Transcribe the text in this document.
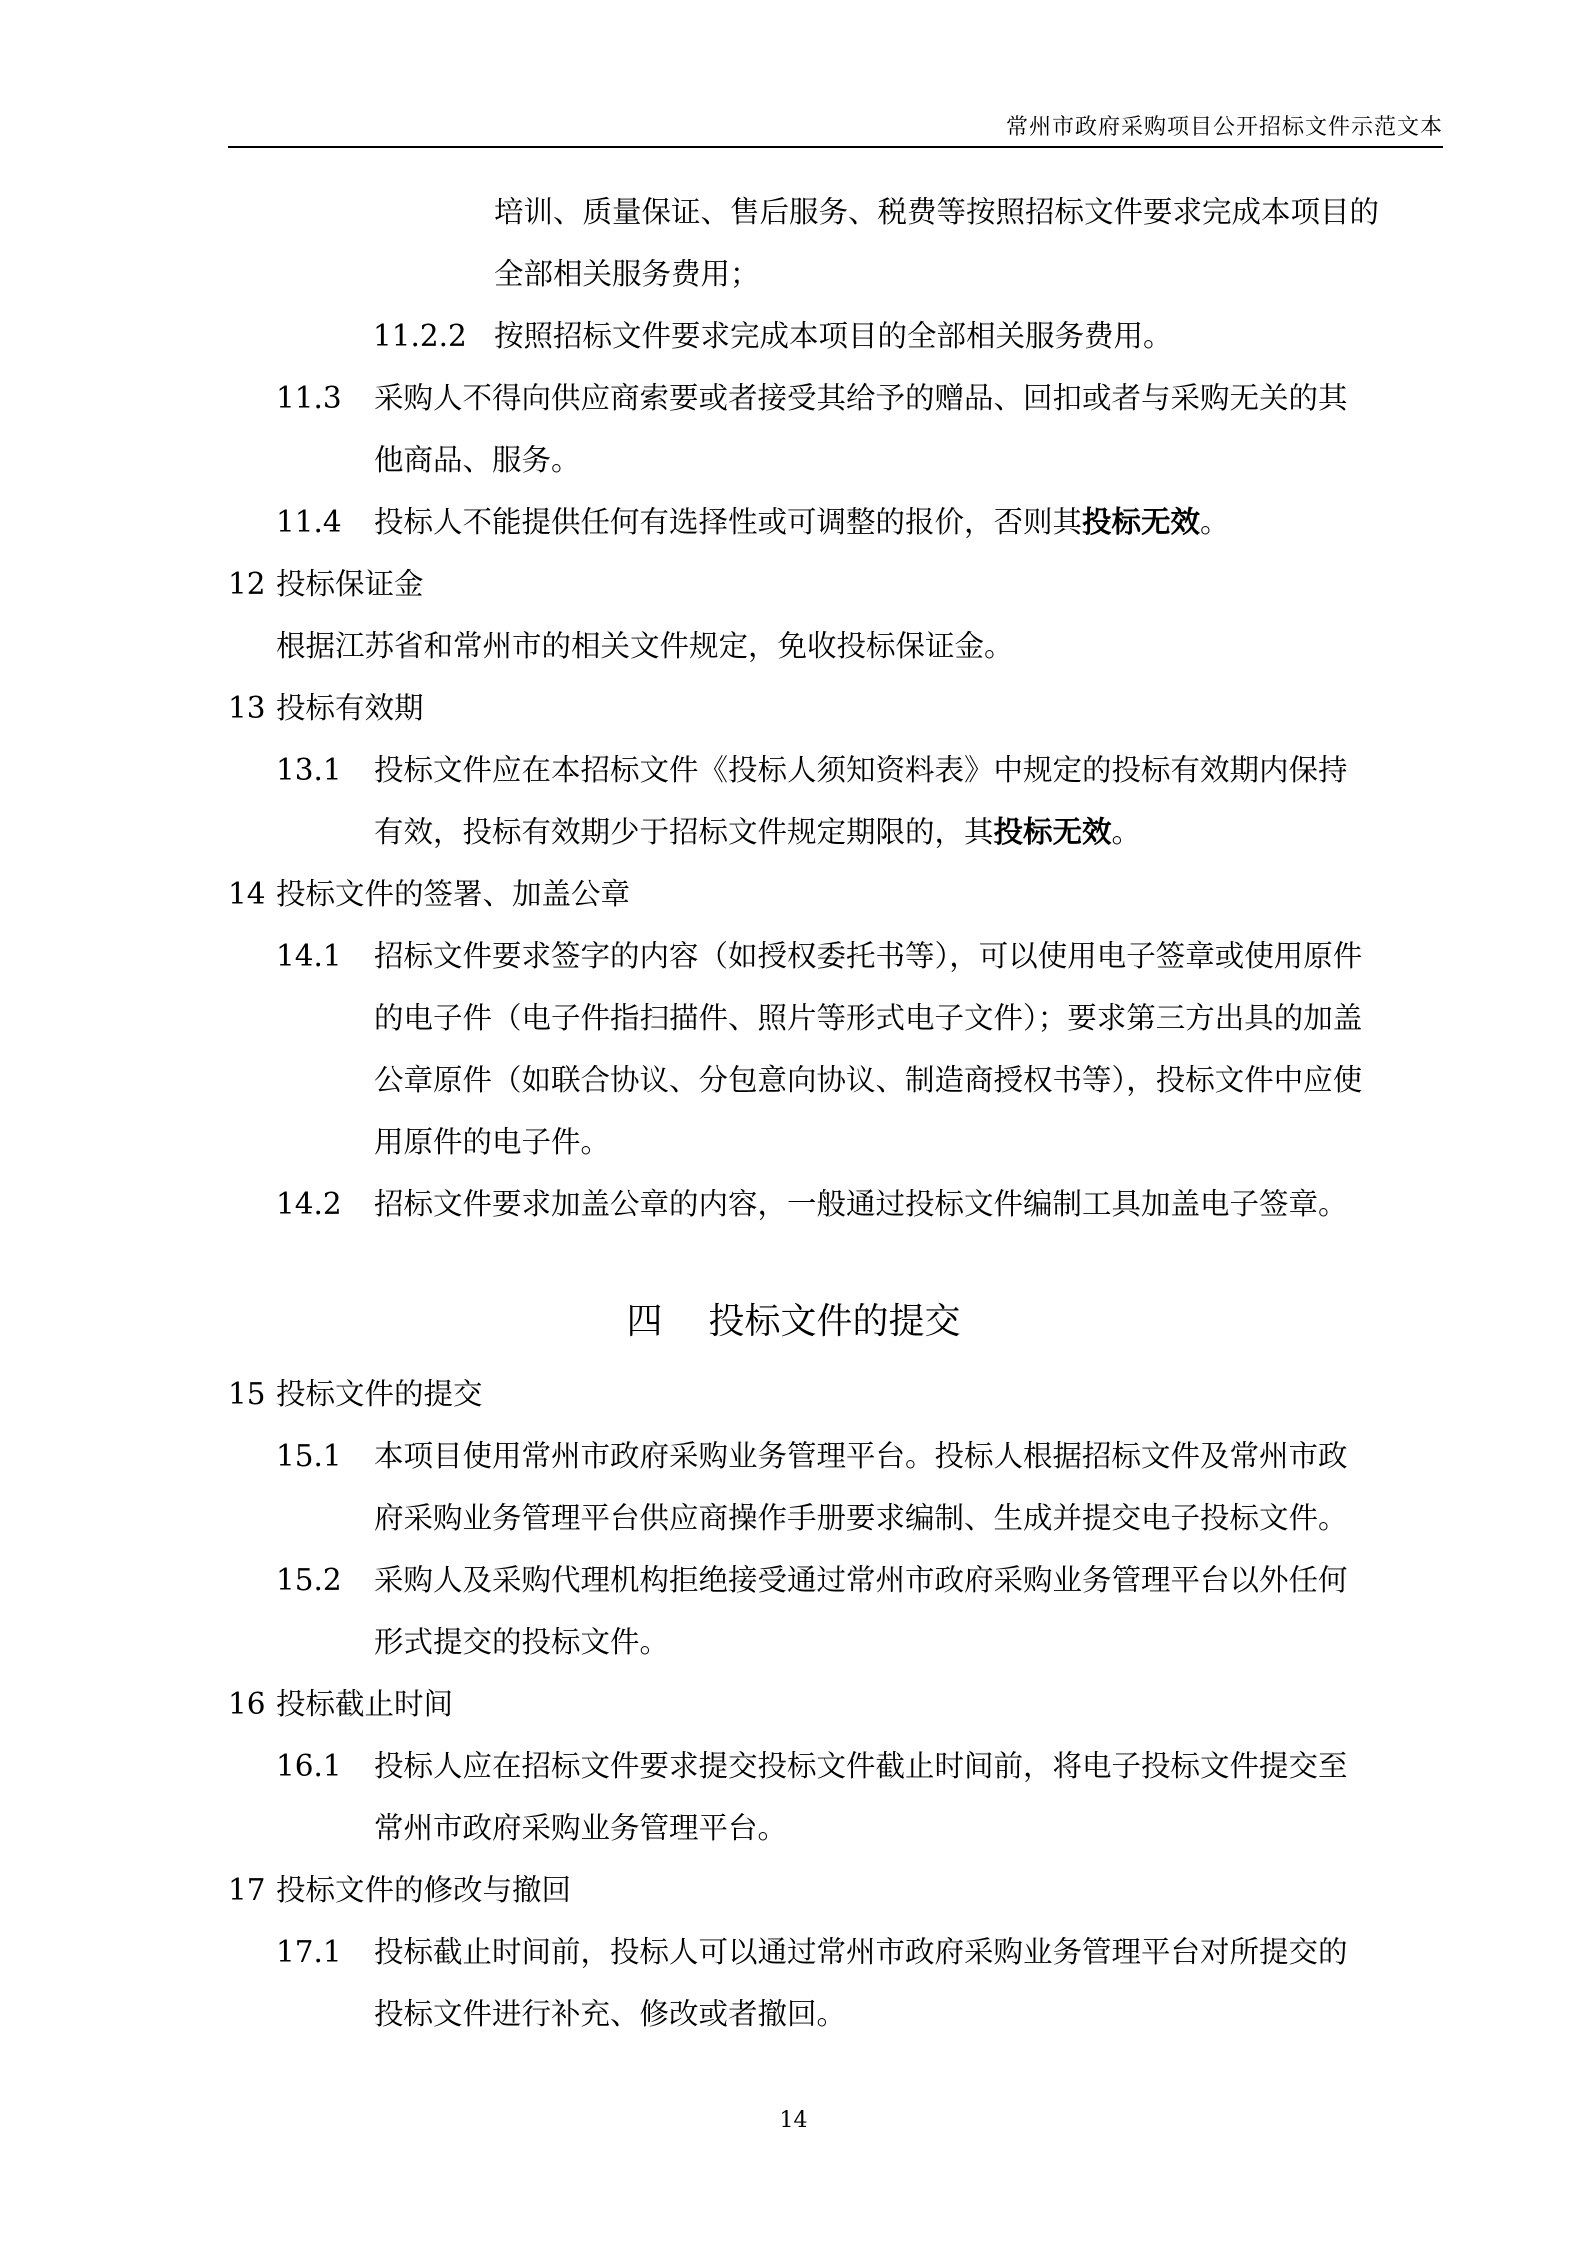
常州市政府采购项目公开招标文件示范文本
培训、质量保证、售后服务、税费等按照招标文件要求完成本项目的
全部相关服务费用；
11.2.2 按照招标文件要求完成本项目的全部相关服务费用。
11.3 采购人不得向供应商索要或者接受其给予的赠品、回扣或者与采购无关的其
他商品、服务。
11.4 投标人不能提供任何有选择性或可调整的报价，否则其投标无效。
12 投标保证金
根据江苏省和常州市的相关文件规定，免收投标保证金。
13 投标有效期
13.1 投标文件应在本招标文件《投标人须知资料表》中规定的投标有效期内保持
有效，投标有效期少于招标文件规定期限的，其投标无效。
14 投标文件的签署、加盖公章
14.1 招标文件要求签字的内容（如授权委托书等），可以使用电子签章或使用原件
的电子件（电子件指扫描件、照片等形式电子文件）；要求第三方出具的加盖
公章原件（如联合协议、分包意向协议、制造商授权书等），投标文件中应使
用原件的电子件。
14.2 招标文件要求加盖公章的内容，一般通过投标文件编制工具加盖电子签章。
四 投标文件的提交
15 投标文件的提交
15.1 本项目使用常州市政府采购业务管理平台。投标人根据招标文件及常州市政
府采购业务管理平台供应商操作手册要求编制、生成并提交电子投标文件。
15.2 采购人及采购代理机构拒绝接受通过常州市政府采购业务管理平台以外任何
形式提交的投标文件。
16 投标截止时间
16.1 投标人应在招标文件要求提交投标文件截止时间前，将电子投标文件提交至
常州市政府采购业务管理平台。
17 投标文件的修改与撤回
17.1 投标截止时间前，投标人可以通过常州市政府采购业务管理平台对所提交的
投标文件进行补充、修改或者撤回。
14
